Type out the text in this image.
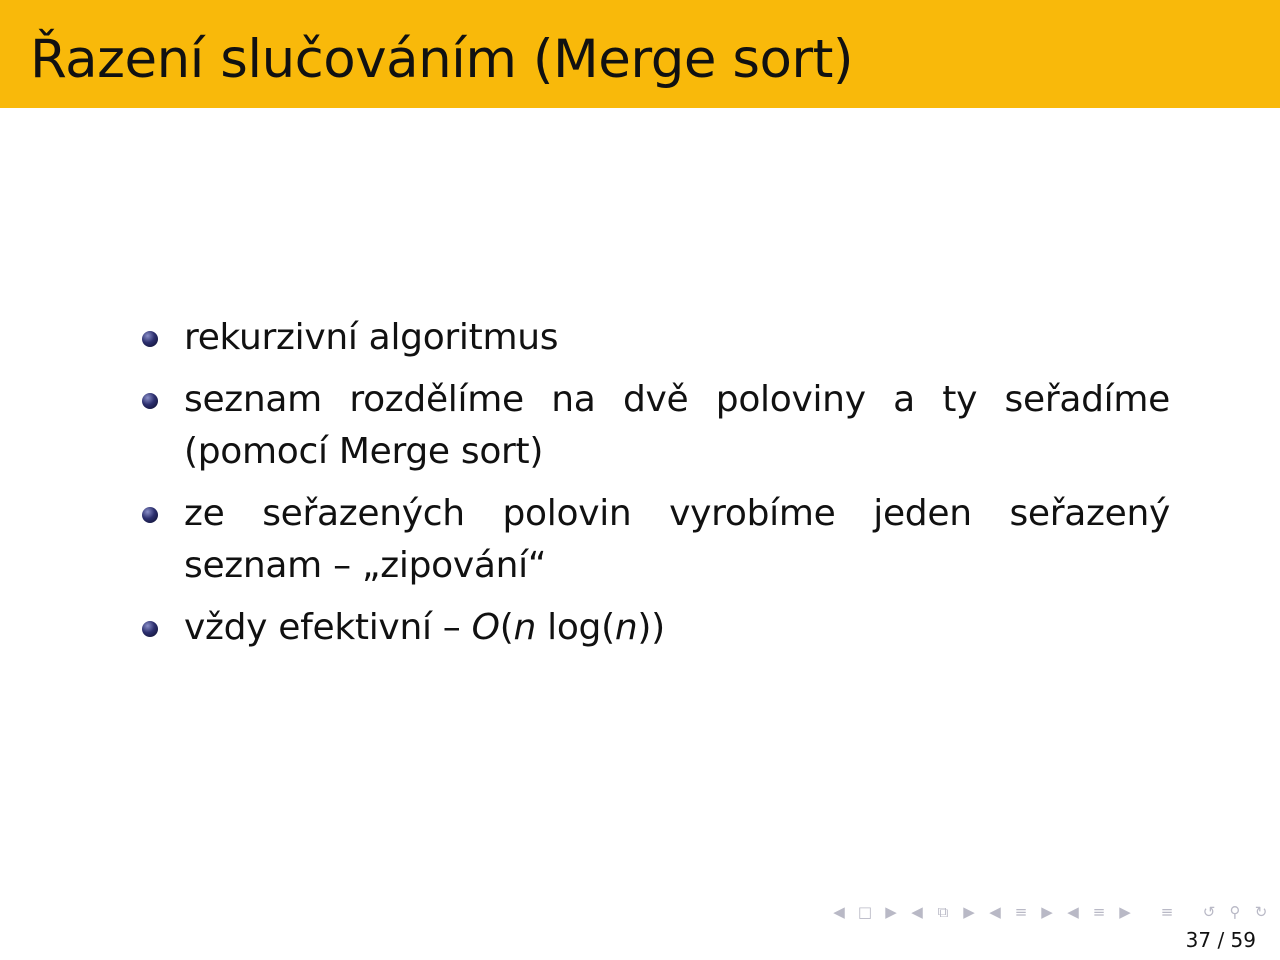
Řazení slučováním (Merge sort)
rekurzivní algoritmus
seznam rozdělíme na dvě poloviny a ty seřadíme (pomocí Merge sort)
ze seřazených polovin vyrobíme jeden seřazený seznam – „zipování“
vždy efektivní – O(n log(n))
◀ □ ▶ ◀ ⧉ ▶ ◀ ≡ ▶ ◀ ≡ ▶	≡	↺ ⚲ ↻
37 / 59
